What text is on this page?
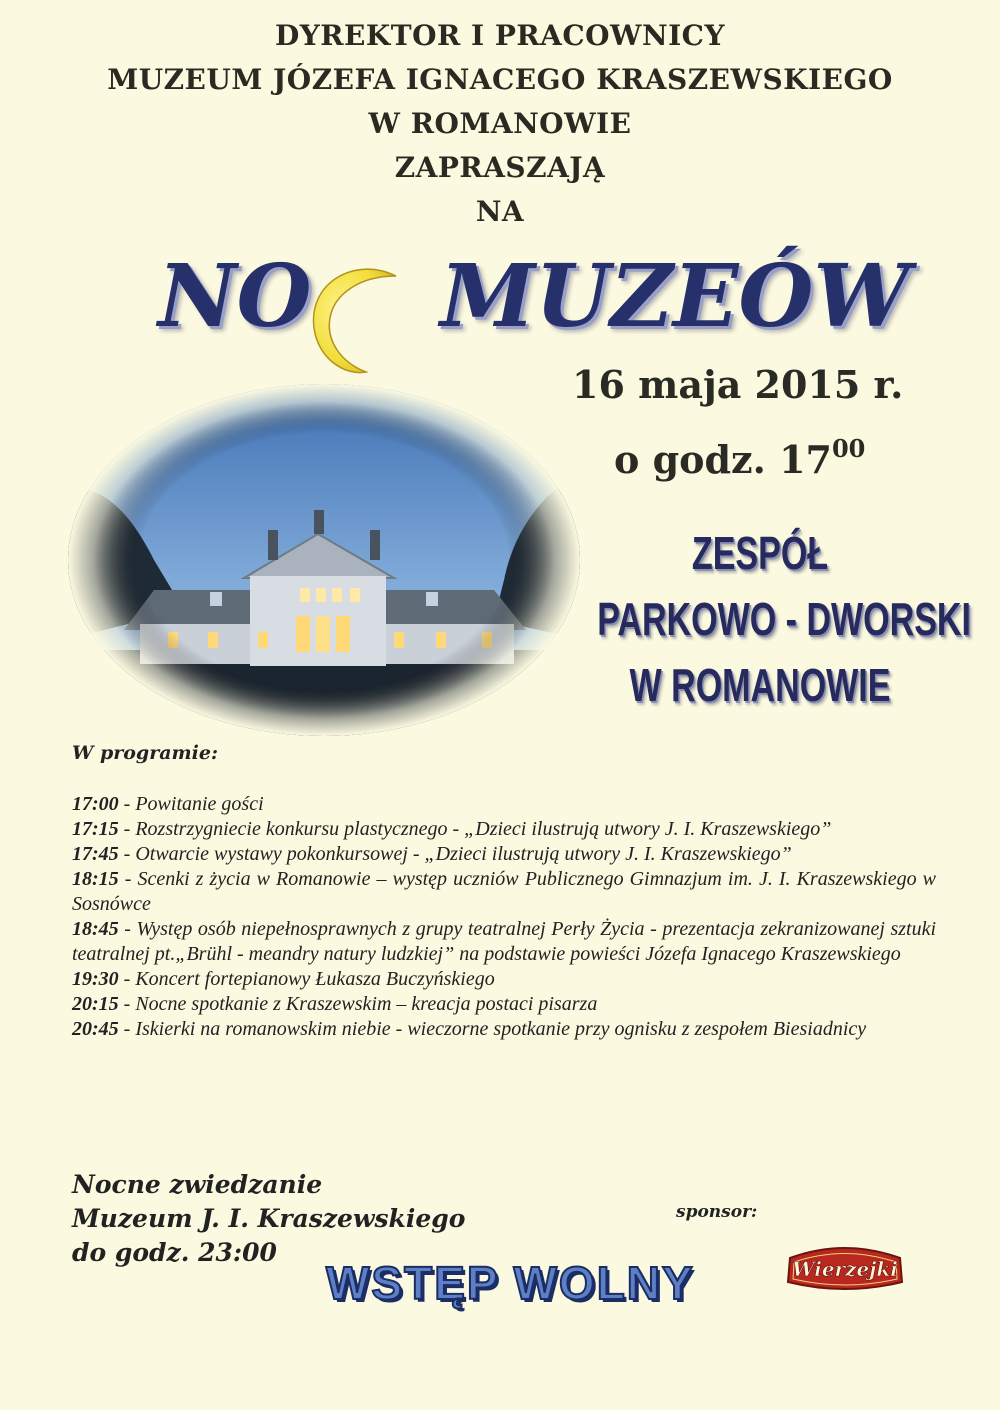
DYREKTOR I PRACOWNICY
MUZEUM JÓZEFA IGNACEGO KRASZEWSKIEGO
W ROMANOWIE
ZAPRASZAJĄ
NA
NO MUZEÓW
16 maja 2015 r.
o godz. $17^{00}$
ZESPÓŁ
PARKOWO - DWORSKI
W ROMANOWIE
W programie:
17:00 - Powitanie gości
17:15 - Rozstrzygniecie konkursu plastycznego - „Dzieci ilustrują utwory J. I. Kraszewskiego”
17:45 - Otwarcie wystawy pokonkursowej - „Dzieci ilustrują utwory J. I. Kraszewskiego”
18:15 - Scenki z życia w Romanowie – występ uczniów Publicznego Gimnazjum im. J. I. Kraszewskiego w Sosnówce
18:45 - Występ osób niepełnosprawnych z grupy teatralnej Perły Życia - prezentacja zekranizowanej sztuki teatralnej pt.„Brühl - meandry natury ludzkiej” na podstawie powieści Józefa Ignacego Kraszewskiego
19:30 - Koncert fortepianowy Łukasza Buczyńskiego
20:15 - Nocne spotkanie z Kraszewskim – kreacja postaci pisarza
20:45 - Iskierki na romanowskim niebie - wieczorne spotkanie przy ognisku z zespołem Biesiadnicy
Nocne zwiedzanie
Muzeum J. I. Kraszewskiego
do godz. 23:00
sponsor:
WSTĘP WOLNY	Wierzejki
